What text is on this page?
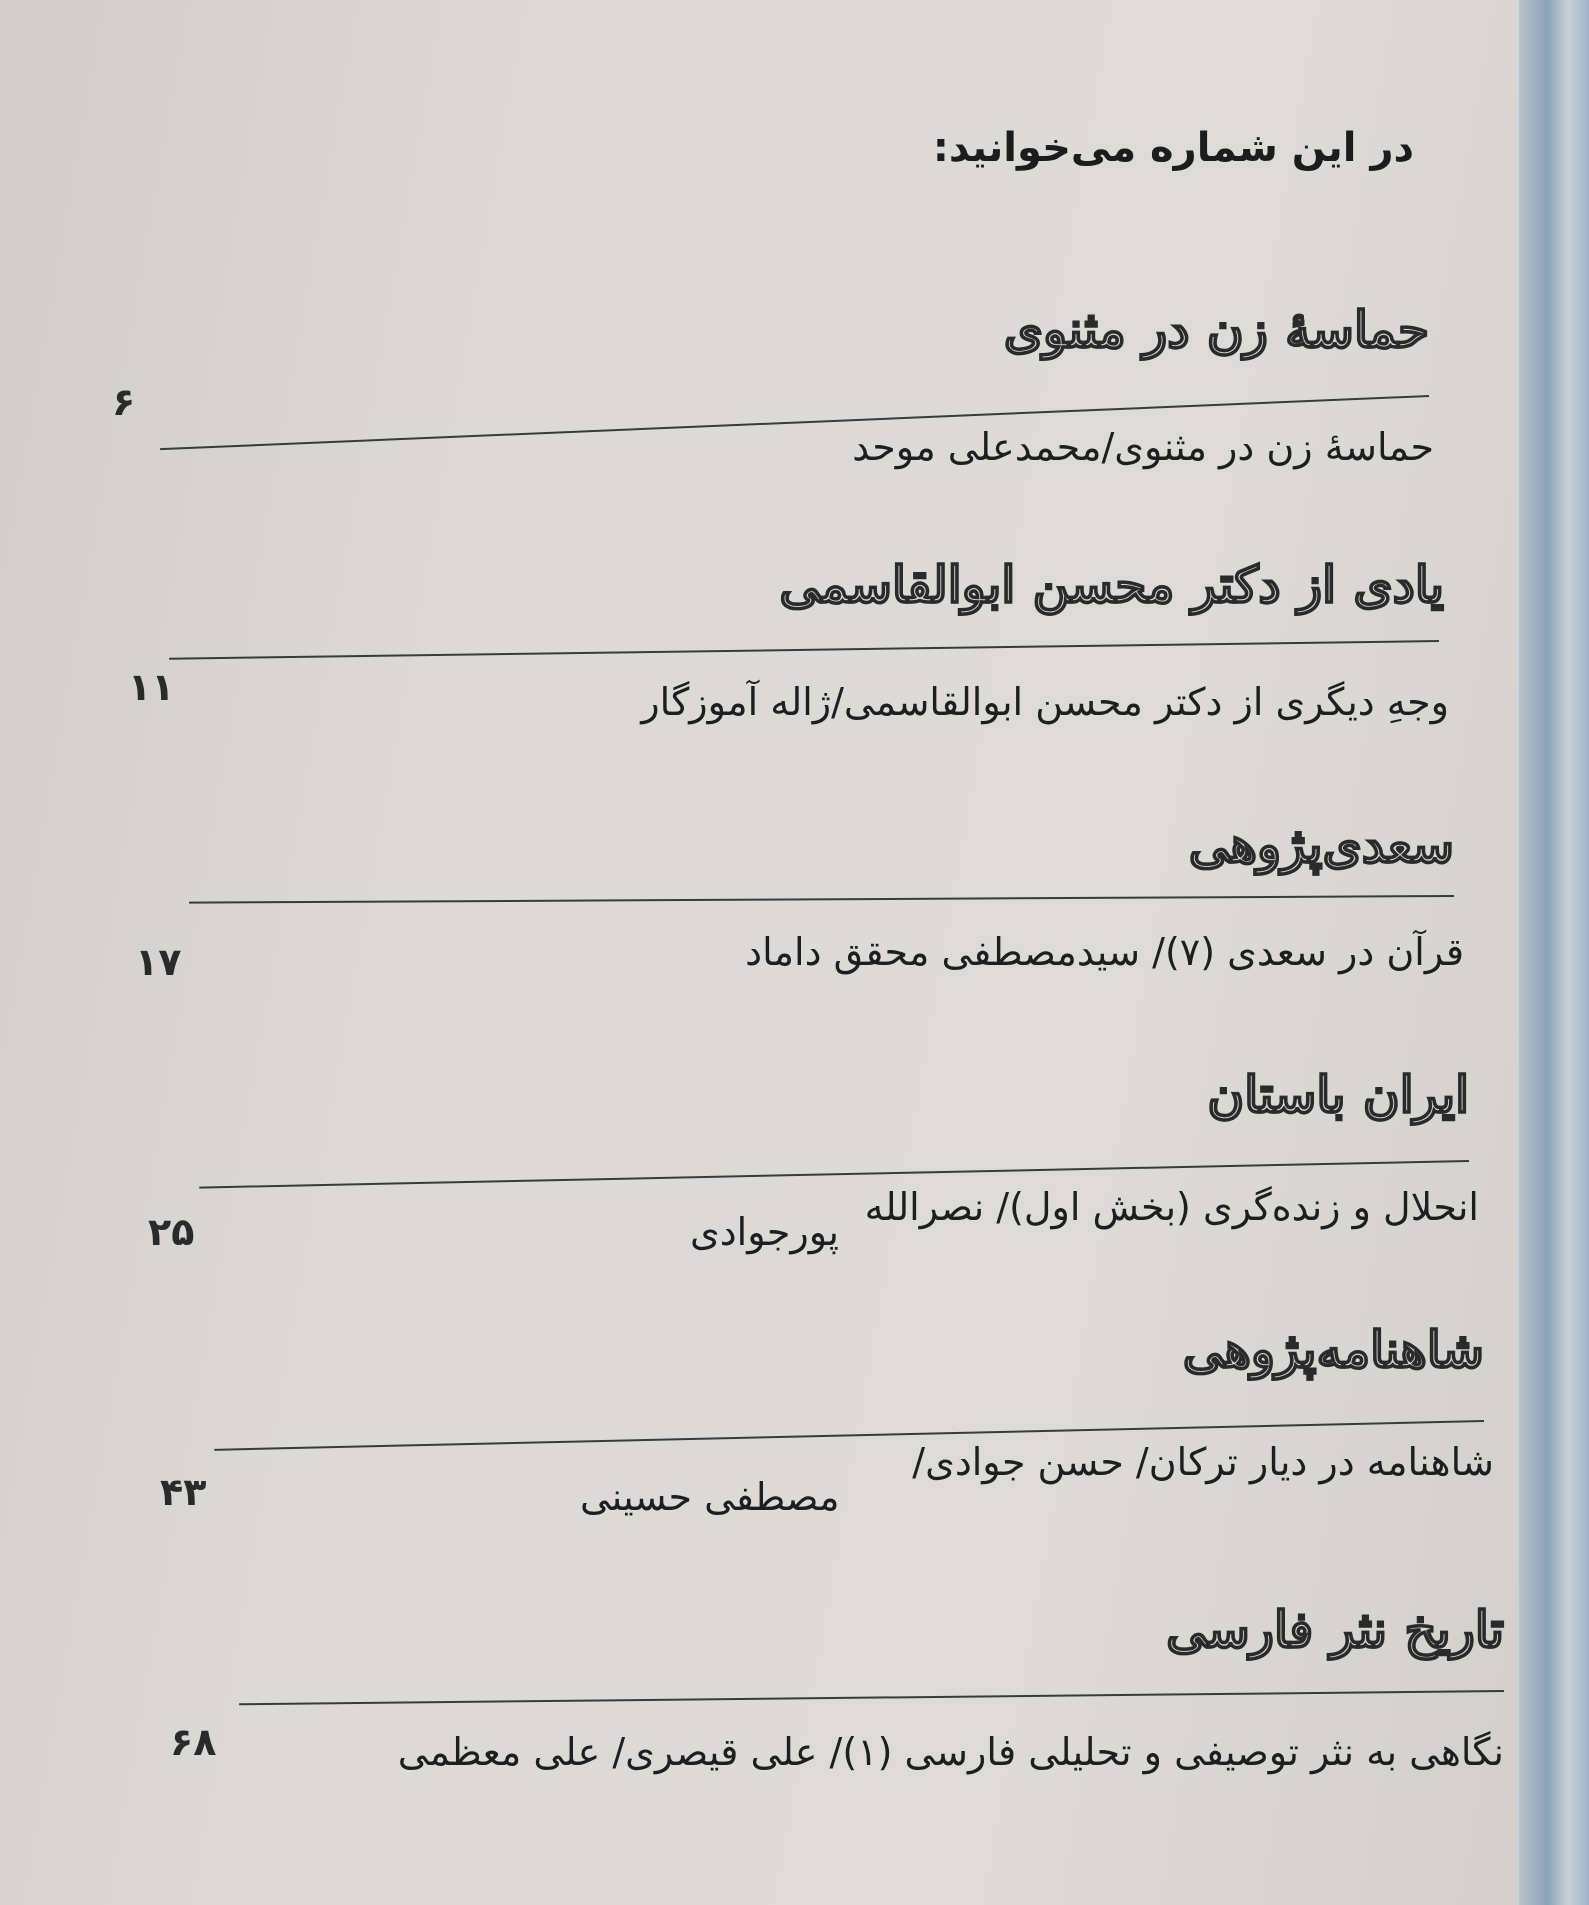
در این شماره می‌خوانید:
حماسهٔ زن در مثنوی
حماسهٔ زن در مثنوی/محمدعلی موحد
۶
یادی از دکتر محسن ابوالقاسمی
وجهِ دیگری از دکتر محسن ابوالقاسمی/ژاله آموزگار
۱۱
سعدی‌پژوهی
قرآن در سعدی (۷)/ سیدمصطفی محقق داماد
۱۷
ایران باستان
انحلال و زنده‌گری (بخش اول)/ نصرالله
پورجوادی
۲۵
شاهنامه‌پژوهی
شاهنامه در دیار ترکان/ حسن جوادی/
مصطفی حسینی
۴۳
تاریخ نثر فارسی
نگاهی به نثر توصیفی و تحلیلی فارسی (۱)/ علی قیصری/ علی معظمی
۶۸
